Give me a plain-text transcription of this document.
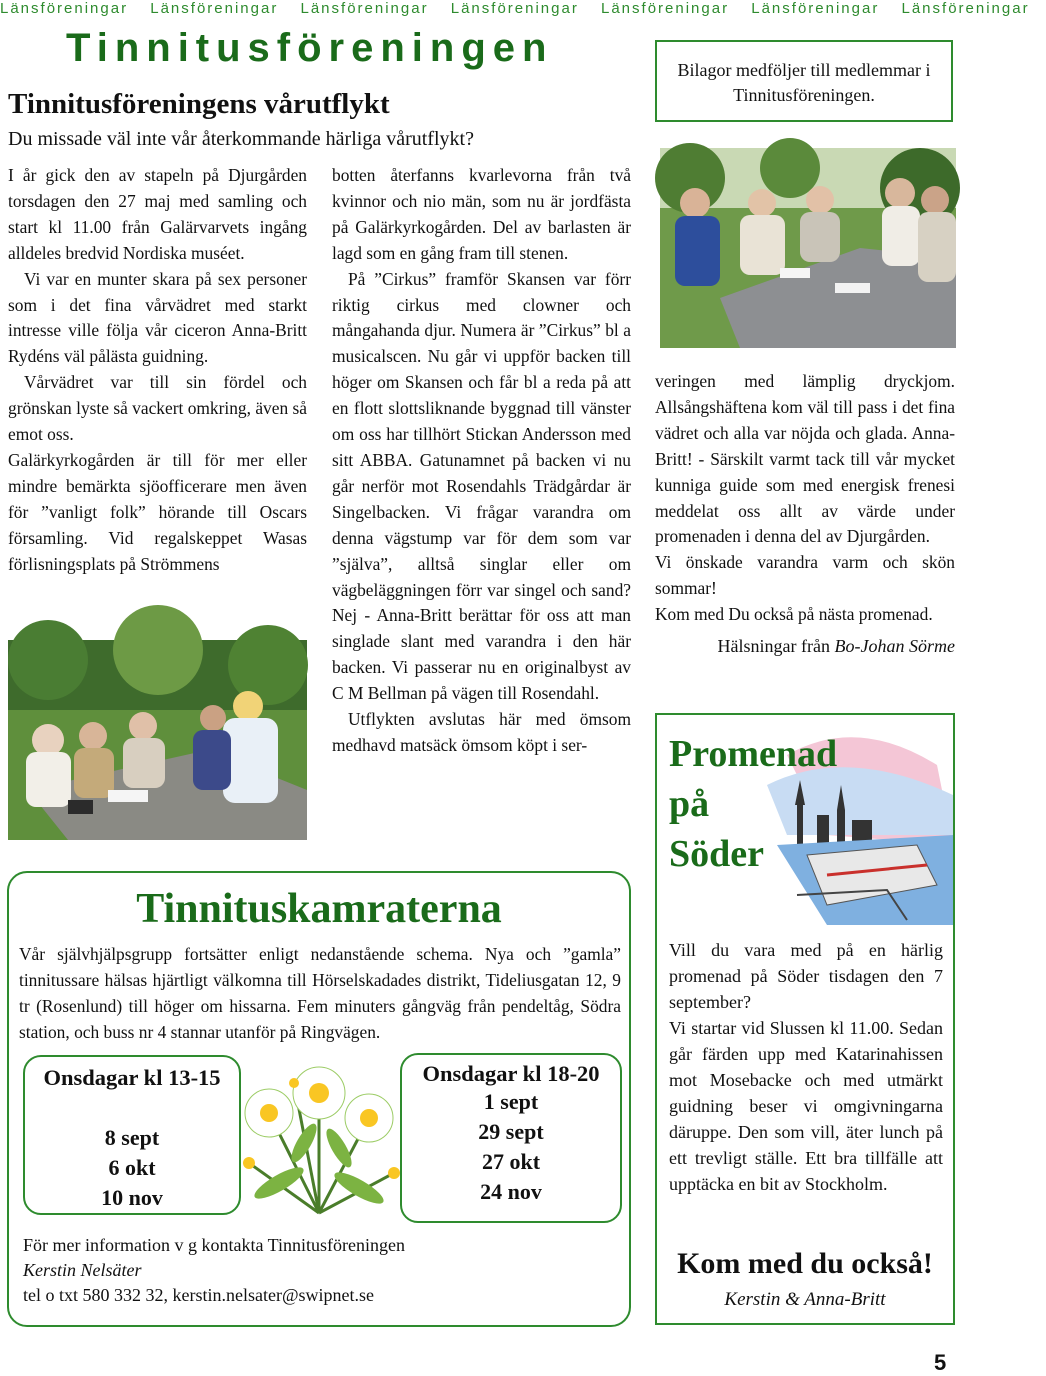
Länsföreningar Länsföreningar Länsföreningar Länsföreningar Länsföreningar Länsföreningar Länsföreningar
Tinnitusföreningen
Tinnitusföreningens vårutflykt
Du missade väl inte vår återkommande härliga vårutflykt?

I år gick den av stapeln på Djurgården torsdagen den 27 maj med samling och start kl 11.00 från Galärvarvets ingång alldeles bredvid Nordiska muséet.

Vi var en munter skara på sex personer som i det fina vårvädret med starkt intresse ville följa vår ciceron Anna-Britt Rydéns väl pålästa guidning.

Vårvädret var till sin fördel och grönskan lyste så vackert omkring, även så emot oss.

Galärkyrkogården är till för mer eller mindre bemärkta sjöofficerare men även för ”vanligt folk” hörande till Oscars församling. Vid regalskeppet Wasas förlisningsplats på Strömmens

botten återfanns kvarlevorna från två kvinnor och nio män, som nu är jordfästa på Galärkyrkogården. Del av barlasten är lagd som en gång fram till stenen.

På ”Cirkus” framför Skansen var förr riktig cirkus med clowner och mångahanda djur. Numera är ”Cirkus” bl a musicalscen. Nu går vi uppför backen till höger om Skansen och får bl a reda på att en flott slottsliknande byggnad till vänster om oss har tillhört Stickan Andersson med sitt ABBA. Gatunamnet på backen vi nu går nerför mot Rosendahls Trädgårdar är Singelbacken. Vi frågar varandra om denna vägstump var för dem som var ”själva”, alltså singlar eller om vägbeläggningen förr var singel och sand? Nej - Anna-Britt berättar för oss att man singlade slant med varandra i den här backen. Vi passerar nu en originalbyst av C M Bellman på vägen till Rosendahl.

Utflykten avslutas här med ömsom medhavd matsäck ömsom köpt i ser-

Bilagor medföljer till medlemmar i Tinnitusföreningen.

veringen med lämplig dryckjom. Allsångshäftena kom väl till pass i det fina vädret och alla var nöjda och glada. Anna-Britt! - Särskilt varmt tack till vår mycket kunniga guide som med energisk frenesi meddelat oss allt av värde under promenaden i denna del av Djurgården.

Vi önskade varandra varm och skön sommar!

Kom med Du också på nästa promenad.

Hälsningar från Bo-Johan Sörme
Tinnituskamraterna
Vår självhjälpsgrupp fortsätter enligt nedanstående schema. Nya och ”gamla” tinnitussare hälsas hjärtligt välkomna till Hörselskadades distrikt, Tideliusgatan 12, 9 tr (Rosenlund) till höger om hissarna. Fem minuters gångväg från pendeltåg, Södra station, och buss nr 4 stannar utanför på Ringvägen.
Onsdagar kl 13-15
8 sept
6 okt
10 nov
Onsdagar kl 18-20
1 sept
29 sept
27 okt
24 nov
För mer information v g kontakta Tinnitusföreningen
Kerstin Nelsäter
tel o txt 580 332 32, kerstin.nelsater@swipnet.se
Promenad
på
Söder

Vill du vara med på en härlig promenad på Söder tisdagen den 7 september?

Vi startar vid Slussen kl 11.00. Sedan går färden upp med Katarinahissen mot Mosebacke och med utmärkt guidning beser vi omgivningarna däruppe. Den som vill, äter lunch på ett trevligt ställe. Ett bra tillfälle att upptäcka en bit av Stockholm.

Kom med du också!
Kerstin & Anna-Britt
5
